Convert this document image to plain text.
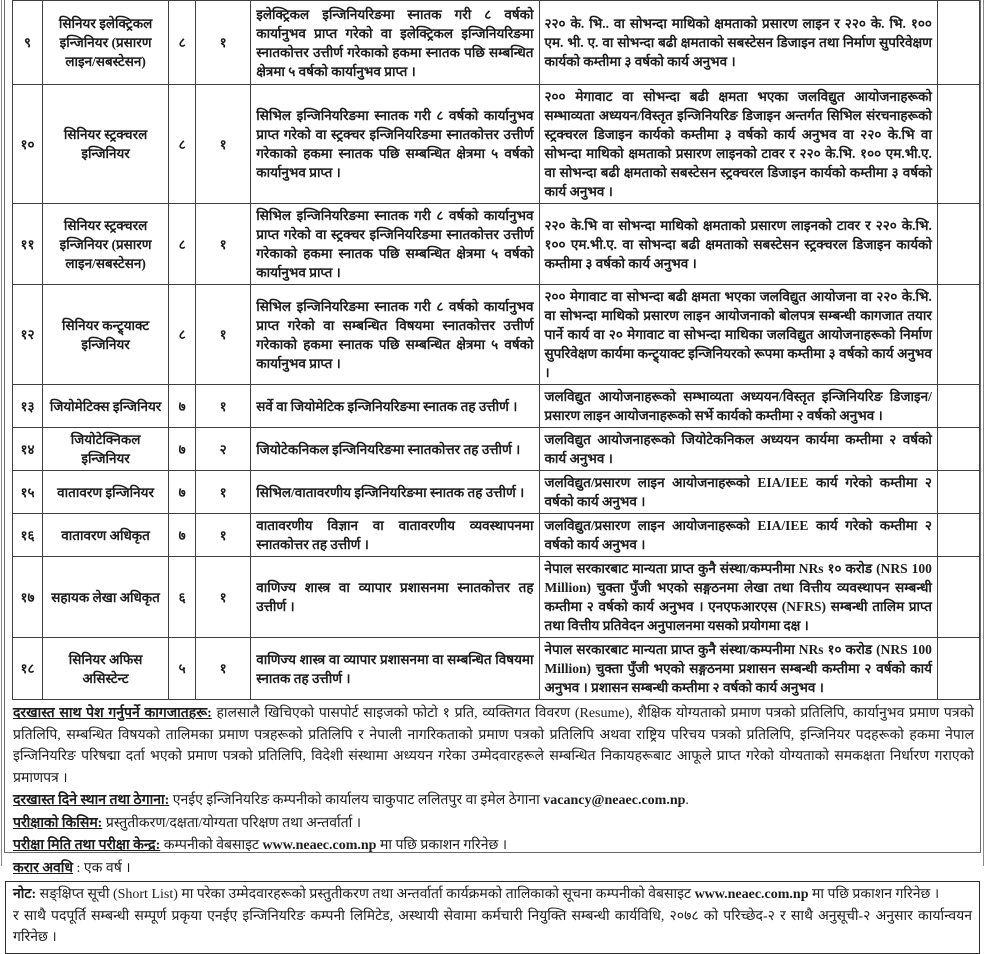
९	सिनियर इलेक्ट्रिकल इन्जिनियर (प्रसारण लाइन/सबस्टेसन)	८	१	इलेक्ट्रिकल इन्जिनियरिङमा स्नातक गरी ८ वर्षको कार्यानुभव प्राप्त गरेको वा इलेक्ट्रिकल इन्जिनियरिङमा स्नातकोत्तर उत्तीर्ण गरेकाको हकमा स्नातक पछि सम्बन्धित क्षेत्रमा ५ वर्षको कार्यानुभव प्राप्त ।	२२० के. भि.. वा सोभन्दा माथिको क्षमताको प्रसारण लाइन र २२० के. भि. १०० एम. भी. ए. वा सोभन्दा बढी क्षमताको सबस्टेसन डिजाइन तथा निर्माण सुपरिवेक्षण कार्यको कम्तीमा ३ वर्षको कार्य अनुभव ।	
१०	सिनियर स्ट्रक्चरल इन्जिनियर	८	१	सिभिल इन्जिनियरिङमा स्नातक गरी ८ वर्षको कार्यानुभव प्राप्त गरेको वा स्ट्रक्चर इन्जिनियरिङमा स्नातकोत्तर उत्तीर्ण गरेकाको हकमा स्नातक पछि सम्बन्धित क्षेत्रमा ५ वर्षको कार्यानुभव प्राप्त ।	२०० मेगावाट वा सोभन्दा बढी क्षमता भएका जलविद्युत आयोजनाहरूको सम्भाव्यता अध्ययन/विस्तृत इन्जिनियरिङ डिजाइन अन्तर्गत सिभिल संरचनाहरूको स्ट्रक्चरल डिजाइन कार्यको कम्तीमा ३ वर्षको कार्य अनुभव वा २२० के.भि वा सोभन्दा माथिको क्षमताको प्रसारण लाइनको टावर र २२० के.भि. १०० एम.भी.ए. वा सोभन्दा बढी क्षमताको सबस्टेसन स्ट्रक्चरल डिजाइन कार्यको कम्तीमा ३ वर्षको कार्य अनुभव ।	
११	सिनियर स्ट्रक्चरल इन्जिनियर (प्रसारण लाइन/सबस्टेसन)	८	१	सिभिल इन्जिनियरिङमा स्नातक गरी ८ वर्षको कार्यानुभव प्राप्त गरेको वा स्ट्रक्चर इन्जिनियरिङमा स्नातकोत्तर उत्तीर्ण गरेकाको हकमा स्नातक पछि सम्बन्धित क्षेत्रमा ५ वर्षको कार्यानुभव प्राप्त ।	२२० के.भि वा सोभन्दा माथिको क्षमताको प्रसारण लाइनको टावर र २२० के.भि. १०० एम.भी.ए. वा सोभन्दा बढी क्षमताको सबस्टेसन स्ट्रक्चरल डिजाइन कार्यको कम्तीमा ३ वर्षको कार्य अनुभव ।	
१२	सिनियर कन्ट्र्याक्ट इन्जिनियर	८	१	सिभिल इन्जिनियरिङमा स्नातक गरी ८ वर्षको कार्यानुभव प्राप्त गरेको वा सम्बन्धित विषयमा स्नातकोत्तर उत्तीर्ण गरेकाको हकमा स्नातक पछि सम्बन्धित क्षेत्रमा ५ वर्षको कार्यानुभव प्राप्त ।	२०० मेगावाट वा सोभन्दा बढी क्षमता भएका जलविद्युत आयोजना वा २२० के.भि. वा सोभन्दा माथिको प्रसारण लाइन आयोजनाको बोलपत्र सम्बन्धी कागजात तयार पार्ने कार्य वा २० मेगावाट वा सोभन्दा माथिका जलविद्युत आयोजनाहरूको निर्माण सुपरिवेक्षण कार्यमा कन्ट्र्याक्ट इन्जिनियरको रूपमा कम्तीमा ३ वर्षको कार्य अनुभव ।	
१३	जियोमेटिक्स इन्जिनियर	७	१	सर्वे वा जियोमेटिक इन्जिनियरिङमा स्नातक तह उत्तीर्ण ।	जलविद्युत आयोजनाहरूको सम्भाव्यता अध्ययन/विस्तृत इन्जिनियरिङ डिजाइन/ प्रसारण लाइन आयोजनाहरूको सर्भे कार्यको कम्तीमा २ वर्षको अनुभव ।	
१४	जियोटेक्निकल इन्जिनियर	७	२	जियोटेकनिकल इन्जिनियरिङमा स्नातकोत्तर तह उत्तीर्ण ।	जलविद्युत आयोजनाहरूको जियोटेकनिकल अध्ययन कार्यमा कम्तीमा २ वर्षको कार्य अनुभव ।	
१५	वातावरण इन्जिनियर	७	१	सिभिल/वातावरणीय इन्जिनियरिङमा स्नातक तह उत्तीर्ण ।	जलविद्युत/प्रसारण लाइन आयोजनाहरूको EIA/IEE कार्य गरेको कम्तीमा २ वर्षको कार्य अनुभव ।	
१६	वातावरण अधिकृत	७	१	वातावरणीय विज्ञान वा वातावरणीय व्यवस्थापनमा स्नातकोत्तर तह उत्तीर्ण ।	जलविद्युत/प्रसारण लाइन आयोजनाहरूको EIA/IEE कार्य गरेको कम्तीमा २ वर्षको कार्य अनुभव ।	
१७	सहायक लेखा अधिकृत	६	१	वाणिज्य शास्त्र वा व्यापार प्रशासनमा स्नातकोत्तर तह उत्तीर्ण ।	नेपाल सरकारबाट मान्यता प्राप्त कुनै संस्था/कम्पनीमा NRs १० करोड (NRS 100 Million) चुक्ता पुँजी भएको सङ्गठनमा लेखा तथा वित्तीय व्यवस्थापन सम्बन्धी कम्तीमा २ वर्षको कार्य अनुभव । एनएफआरएस (NFRS) सम्बन्धी तालिम प्राप्त तथा वित्तीय प्रतिवेदन अनुपालनमा यसको प्रयोगमा दक्ष ।	
१८	सिनियर अफिस असिस्टेन्ट	५	१	वाणिज्य शास्त्र वा व्यापार प्रशासनमा वा सम्बन्धित विषयमा स्नातक तह उत्तीर्ण ।	नेपाल सरकारबाट मान्यता प्राप्त कुनै संस्था/कम्पनीमा NRs १० करोड (NRS 100 Million) चुक्ता पुँजी भएको सङ्गठनमा प्रशासन सम्बन्धी कम्तीमा २ वर्षको कार्य अनुभव । प्रशासन सम्बन्धी कम्तीमा २ वर्षको कार्य अनुभव ।	
दरखास्त साथ पेश गर्नुपर्ने कागजातहरू: हालसालै खिचिएको पासपोर्ट साइजको फोटो १ प्रति, व्यक्तिगत विवरण (Resume), शैक्षिक योग्यताको प्रमाण पत्रको प्रतिलिपि, कार्यानुभव प्रमाण पत्रको प्रतिलिपि, सम्बन्धित विषयको तालिमका प्रमाण पत्रहरूको प्रतिलिपि र नेपाली नागरिकताको प्रमाण पत्रको प्रतिलिपि अथवा राष्ट्रिय परिचय पत्रको प्रतिलिपि, इन्जिनियर पदहरूको हकमा नेपाल इन्जिनियरिङ परिषद्मा दर्ता भएको प्रमाण पत्रको प्रतिलिपि, विदेशी संस्थामा अध्ययन गरेका उम्मेदवारहरूले सम्बन्धित निकायहरूबाट आफूले प्राप्त गरेको योग्यताको समकक्षता निर्धारण गराएको प्रमाणपत्र ।
दरखास्त दिने स्थान तथा ठेगाना: एनईए इन्जिनियरिङ कम्पनीको कार्यालय चाकुपाट ललितपुर वा इमेल ठेगाना vacancy@neaec.com.np.
परीक्षाको किसिम: प्रस्तुतीकरण/दक्षता/योग्यता परिक्षण तथा अन्तर्वार्ता ।
परीक्षा मिति तथा परीक्षा केन्द्र: कम्पनीको वेबसाइट www.neaec.com.np मा पछि प्रकाशन गरिनेछ ।
करार अवधि : एक वर्ष ।
नोट: सङ्क्षिप्त सूची (Short List) मा परेका उम्मेदवारहरूको प्रस्तुतीकरण तथा अन्तर्वार्ता कार्यक्रमको तालिकाको सूचना कम्पनीको वेबसाइट www.neaec.com.np मा पछि प्रकाशन गरिनेछ ।
र साथै पदपूर्ति सम्बन्धी सम्पूर्ण प्रकृया एनईए इन्जिनियरिङ कम्पनी लिमिटेड, अस्थायी सेवामा कर्मचारी नियुक्ति सम्बन्धी कार्यविधि, २०७८ को परिच्छेद-२ र साथै अनुसूची-२ अनुसार कार्यान्वयन गरिनेछ ।
